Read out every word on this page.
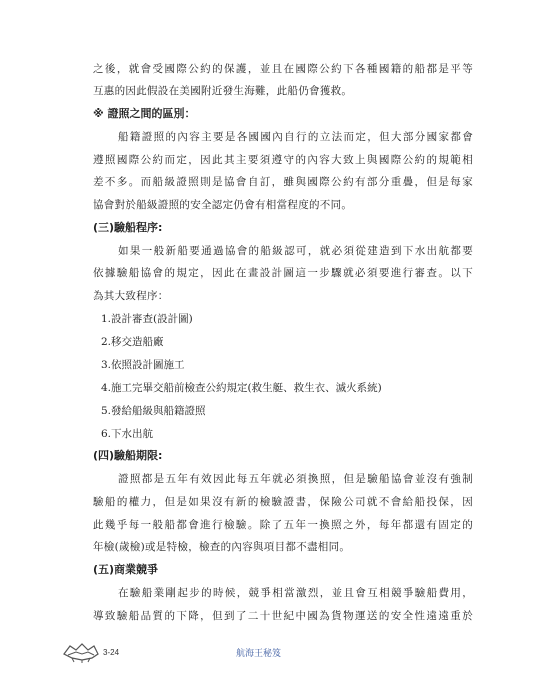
之後，就會受國際公約的保護，並且在國際公約下各種國籍的船都是平等
互惠的因此假設在美國附近發生海難，此船仍會獲救。
※ 證照之間的區別：
船籍證照的內容主要是各國國內自行的立法而定，但大部分國家都會
遵照國際公約而定，因此其主要須遵守的內容大致上與國際公約的規範相
差不多。而船級證照則是協會自訂，雖與國際公約有部分重疊，但是每家
協會對於船級證照的安全認定仍會有相當程度的不同。
(三)驗船程序:
如果一般新船要通過協會的船級認可，就必須從建造到下水出航都要
依據驗船協會的規定，因此在畫設計圖這一步驟就必須要進行審查。以下
為其大致程序：
1.設計審查(設計圖)
2.移交造船廠
3.依照設計圖施工
4.施工完畢交船前檢查公約規定(救生艇、救生衣、滅火系統)
5.發給船級與船籍證照
6.下水出航
(四)驗船期限:
證照都是五年有效因此每五年就必須換照，但是驗船協會並沒有強制
驗船的權力，但是如果沒有新的檢驗證書，保險公司就不會給船投保，因
此幾乎每一般船都會進行檢驗。除了五年一換照之外，每年都還有固定的
年檢(歲檢)或是特檢，檢查的內容與項目都不盡相同。
(五)商業競爭
在驗船業剛起步的時候，競爭相當激烈，並且會互相競爭驗船費用，
導致驗船品質的下降，但到了二十世紀中國為貨物運送的安全性遠遠重於
3-24	航海王秘笈
